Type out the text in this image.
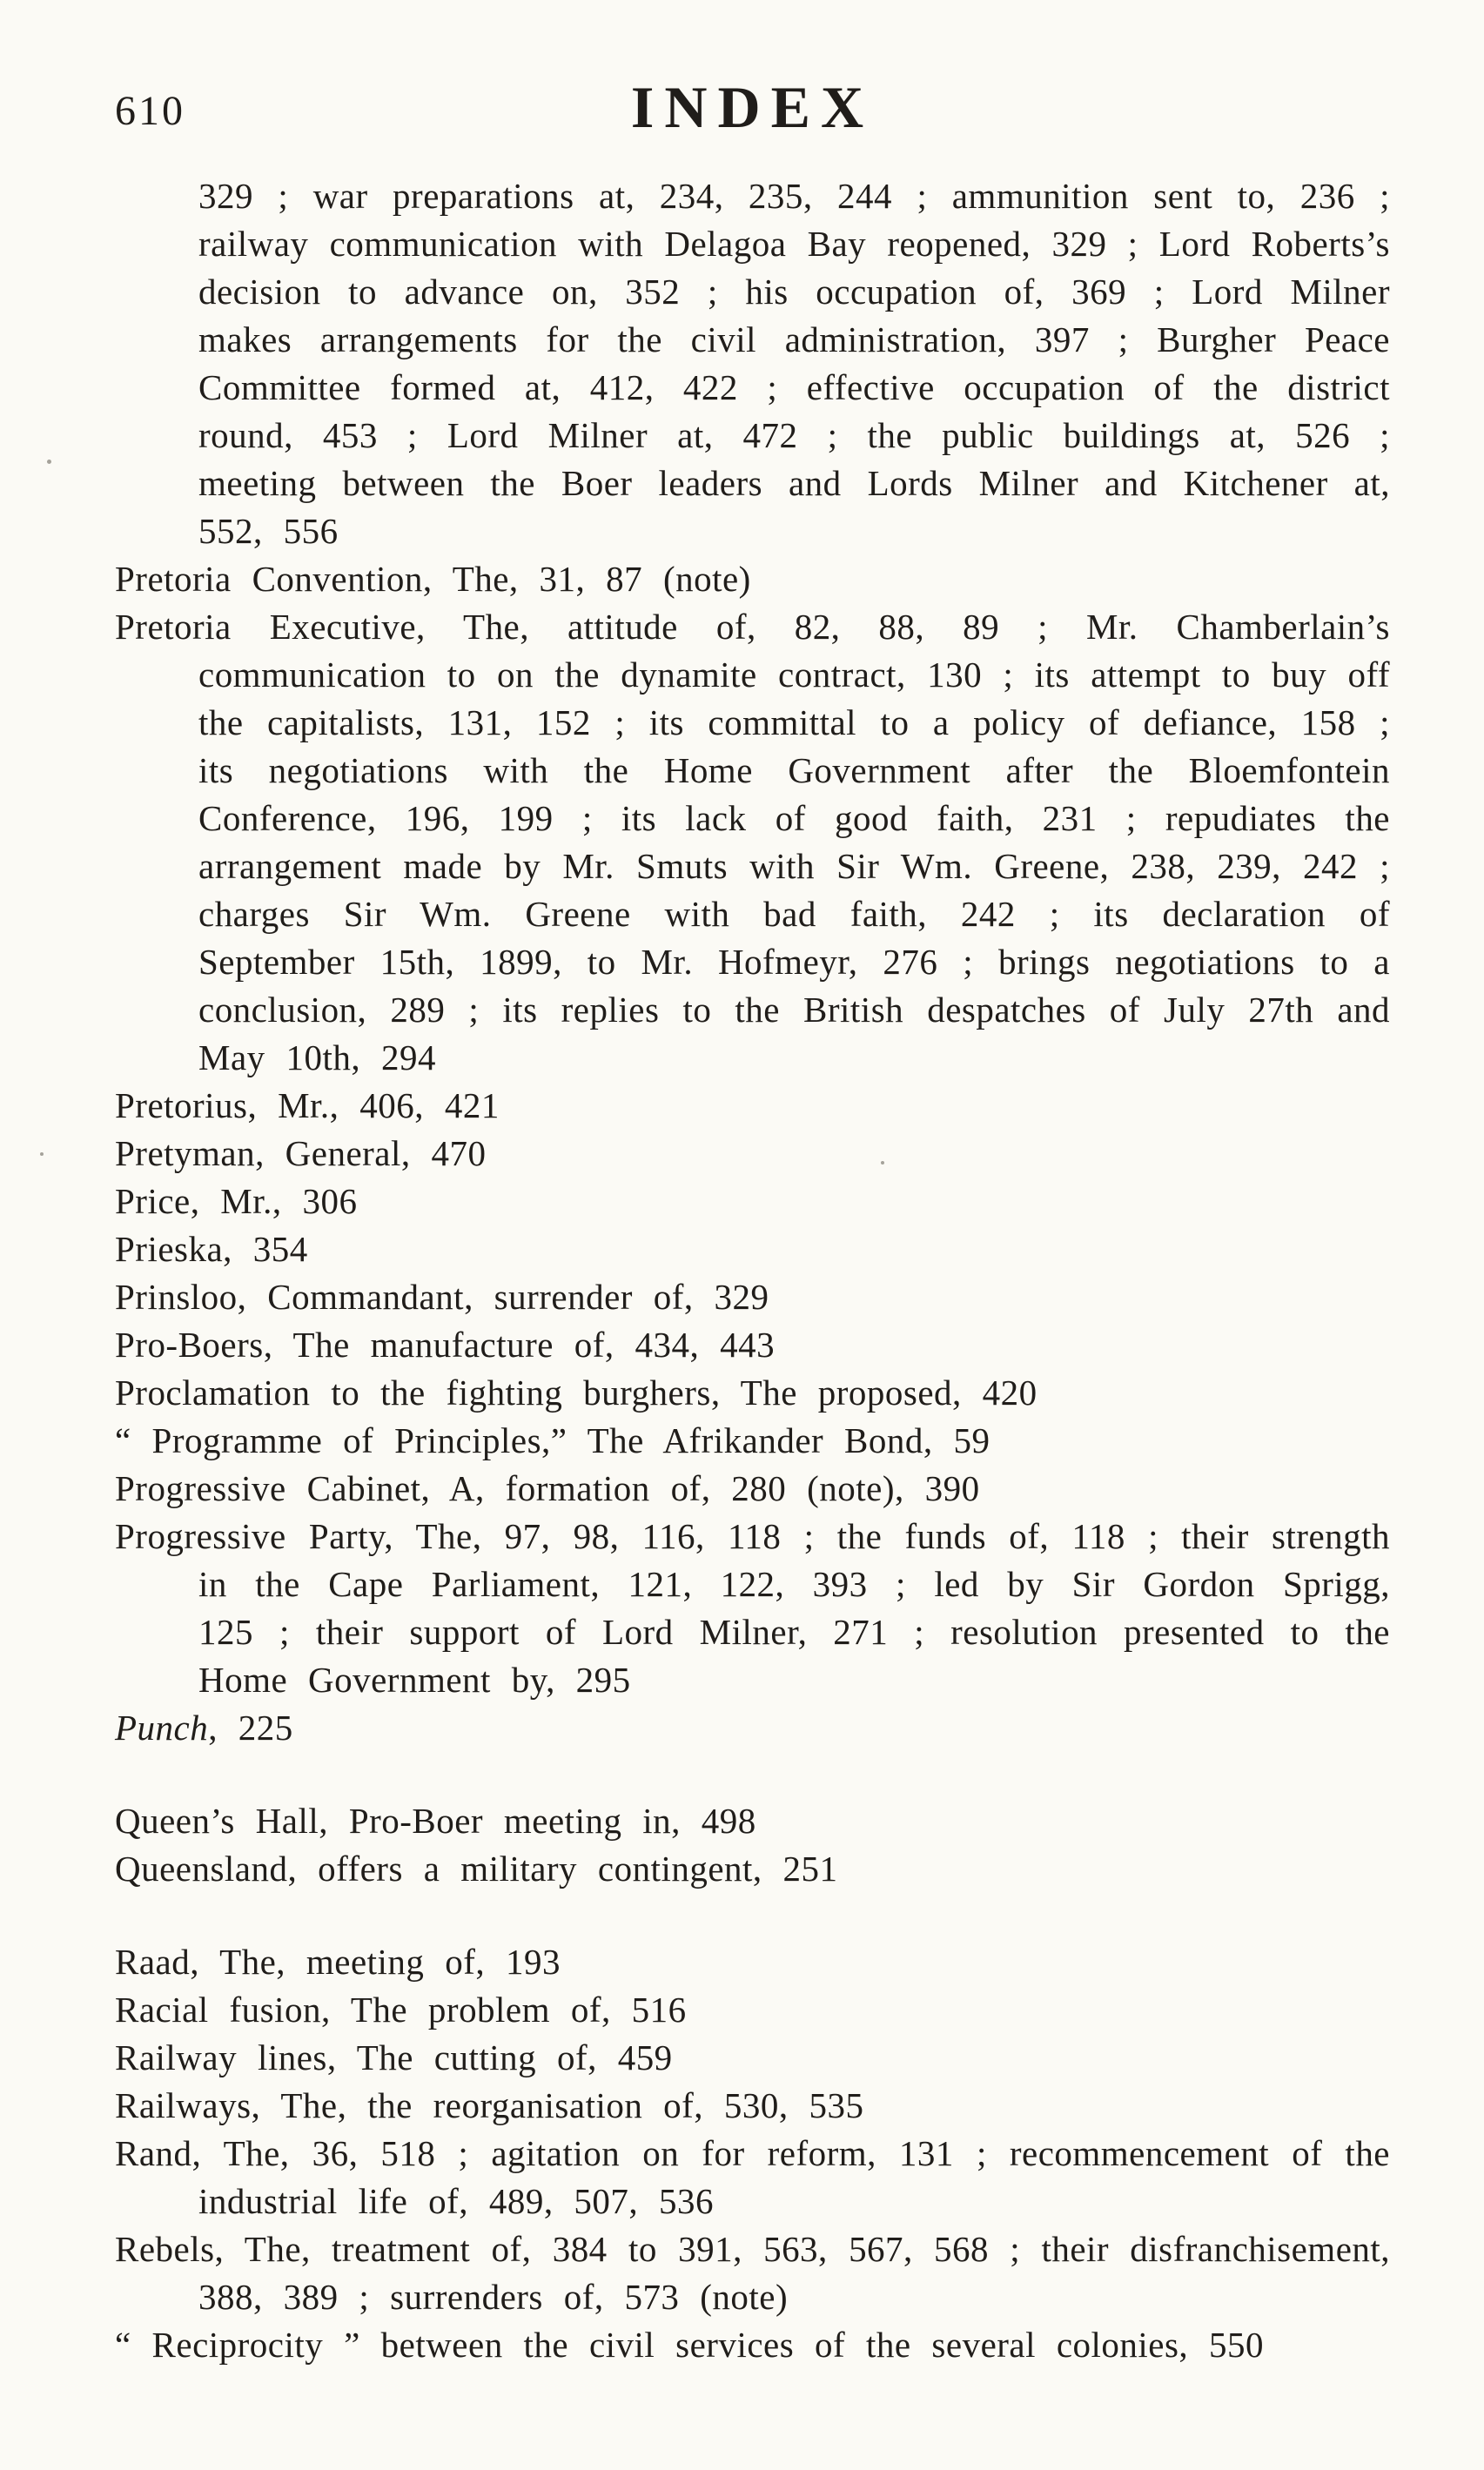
610	INDEX

329 ; war preparations at, 234, 235, 244 ; ammunition sent to, 236 ; railway communication with Delagoa Bay reopened, 329 ; Lord Roberts’s decision to advance on, 352 ; his occupation of, 369 ; Lord Milner makes arrangements for the civil administration, 397 ; Burgher Peace Committee formed at, 412, 422 ; effective occupation of the district round, 453 ; Lord Milner at, 472 ; the public buildings at, 526 ; meeting between the Boer leaders and Lords Milner and Kitchener at, 552, 556

Pretoria Convention, The, 31, 87 (note)

Pretoria Executive, The, attitude of, 82, 88, 89 ; Mr. Chamberlain’s communication to on the dynamite contract, 130 ; its attempt to buy off the capitalists, 131, 152 ; its committal to a policy of defiance, 158 ; its negotiations with the Home Government after the Bloemfontein Conference, 196, 199 ; its lack of good faith, 231 ; repudiates the arrangement made by Mr. Smuts with Sir Wm. Greene, 238, 239, 242 ; charges Sir Wm. Greene with bad faith, 242 ; its declaration of September 15th, 1899, to Mr. Hofmeyr, 276 ; brings negotiations to a conclusion, 289 ; its replies to the British despatches of July 27th and May 10th, 294

Pretorius, Mr., 406, 421

Pretyman, General, 470

Price, Mr., 306

Prieska, 354

Prinsloo, Commandant, surrender of, 329

Pro-Boers, The manufacture of, 434, 443

Proclamation to the fighting burghers, The proposed, 420

“ Programme of Principles,” The Afrikander Bond, 59

Progressive Cabinet, A, formation of, 280 (note), 390

Progressive Party, The, 97, 98, 116, 118 ; the funds of, 118 ; their strength in the Cape Parliament, 121, 122, 393 ; led by Sir Gordon Sprigg, 125 ; their support of Lord Milner, 271 ; resolution presented to the Home Government by, 295

Punch, 225

Queen’s Hall, Pro-Boer meeting in, 498

Queensland, offers a military contingent, 251

Raad, The, meeting of, 193

Racial fusion, The problem of, 516

Railway lines, The cutting of, 459

Railways, The, the reorganisation of, 530, 535

Rand, The, 36, 518 ; agitation on for reform, 131 ; recommencement of the industrial life of, 489, 507, 536

Rebels, The, treatment of, 384 to 391, 563, 567, 568 ; their disfranchisement, 388, 389 ; surrenders of, 573 (note)

“ Reciprocity ” between the civil services of the several colonies, 550
